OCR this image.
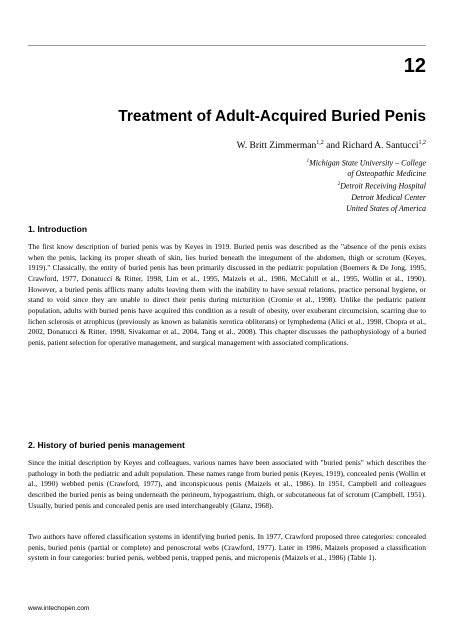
12
Treatment of Adult-Acquired Buried Penis
W. Britt Zimmerman$^{1,2}$ and Richard A. Santucci$^{1,2}$
$^1$Michigan State University – College
of Osteopathic Medicine
$^2$Detroit Receiving Hospital
Detroit Medical Center
United States of America
1. Introduction

The first know description of buried penis was by Keyes in 1919. Buried penis was described as the "absence of the penis exists when the penis, lacking its proper sheath of skin, lies buried beneath the integument of the abdomen, thigh or scrotum (Keyes, 1919)." Classically, the entity of buried penis has been primarily discussed in the pediatric population (Boemers & De Jong, 1995, Crawford, 1977, Donatucci & Ritter, 1998, Lim et al., 1995, Maizels et al., 1986, McCahill et al., 1995, Wollin et al., 1990). However, a buried penis afflicts many adults leaving them with the inability to have sexual relations, practice personal hygiene, or stand to void since they are unable to direct their penis during micturition (Cromie et al., 1998). Unlike the pediatric patient population, adults with buried penis have acquired this condition as a result of obesity, over exuberant circumcision, scarring due to lichen sclerosis et atrophicus (previously as known as balanitis xerotica obliterans) or lymphedema (Alici et al., 1998, Chopra et al., 2002, Donatucci & Ritter, 1998, Sivakumar et al., 2004, Tang et al., 2008). This chapter discusses the pathophysiology of a buried penis, patient selection for operative management, and surgical management with associated complications.

2. History of buried penis management

Since the initial description by Keyes and colleagues, various names have been associated with "buried penis" which describes the pathology in both the pediatric and adult population. These names range from buried penis (Keyes, 1919), concealed penis (Wollin et al., 1990) webbed penis (Crawford, 1977), and inconspicuous penis (Maizels et al., 1986). In 1951, Campbell and colleagues described the buried penis as being underneath the perineum, hypogastrium, thigh, or subcutaneous fat of scrotum (Campbell, 1951). Usually, buried penis and concealed penis are used interchangeably (Glanz, 1968).

Two authors have offered classification systems in identifying buried penis. In 1977, Crawford proposed three categories: concealed penis, buried penis (partial or complete) and penoscrotal webs (Crawford, 1977). Later in 1986, Maizels proposed a classification system in four categories: buried penis, webbed penis, trapped penis, and micropenis (Maizels et al., 1986) (Table 1).

www.intechopen.com
